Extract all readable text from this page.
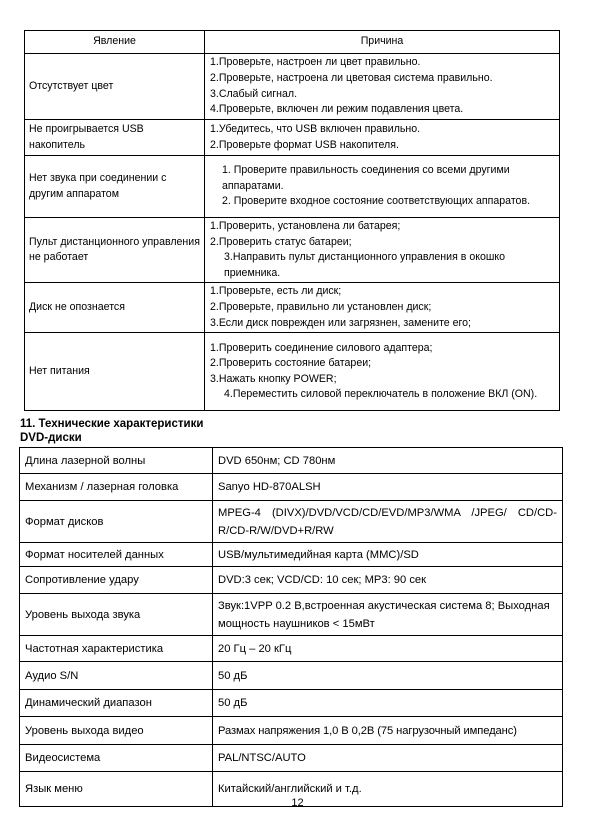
Явление	Причина
Отсутствует цвет	1.Проверьте, настроен ли цвет правильно.
2.Проверьте, настроена ли цветовая система правильно.
3.Слабый сигнал.
4.Проверьте, включен ли режим подавления цвета.

Не проигрывается USB накопитель	1.Убедитесь, что USB включен правильно.
2.Проверьте формат USB накопителя.

Нет звука при соединении с другим аппаратом	1. Проверите правильность соединения со всеми другими аппаратами.
2. Проверите входное состояние соответствующих аппаратов.

Пульт дистанционного управления не работает	1.Проверить, установлена ли батарея;
2.Проверить статус батареи;
3.Направить пульт дистанционного управления в окошко приемника.

Диск не опознается	1.Проверьте, есть ли диск;
2.Проверьте, правильно ли установлен диск;
3.Если диск поврежден или загрязнен, замените его;

Нет питания	1.Проверить соединение силового адаптера;
2.Проверить состояние батареи;
3.Нажать кнопку POWER;
4.Переместить силовой переключатель в положение ВКЛ (ON).
11. Технические характеристики
DVD-диски
Длина лазерной волны	DVD 650нм; CD 780нм
Механизм / лазерная головка	Sanyo HD-870ALSH
Формат дисков	MPEG-4 (DIVX)/DVD/VCD/CD/EVD/MP3/WMA /JPEG/ CD/CD-R/CD-R/W/DVD+R/RW
Формат носителей данных	USB/мультимедийная карта (MMC)/SD
Сопротивление удару	DVD:3 сек; VCD/CD: 10 сек; MP3: 90 сек
Уровень выхода звука	Звук:1VPP 0.2 В,встроенная акустическая система 8; Выходная мощность наушников < 15мВт
Частотная характеристика	20 Гц – 20 кГц
Аудио S/N	50 дБ
Динамический диапазон	50 дБ
Уровень выхода видео	Размах напряжения 1,0 В 0,2В (75 нагрузочный импеданс)
Видеосистема	PAL/NTSC/AUTO
Язык меню	Китайский/английский и т.д.
12
